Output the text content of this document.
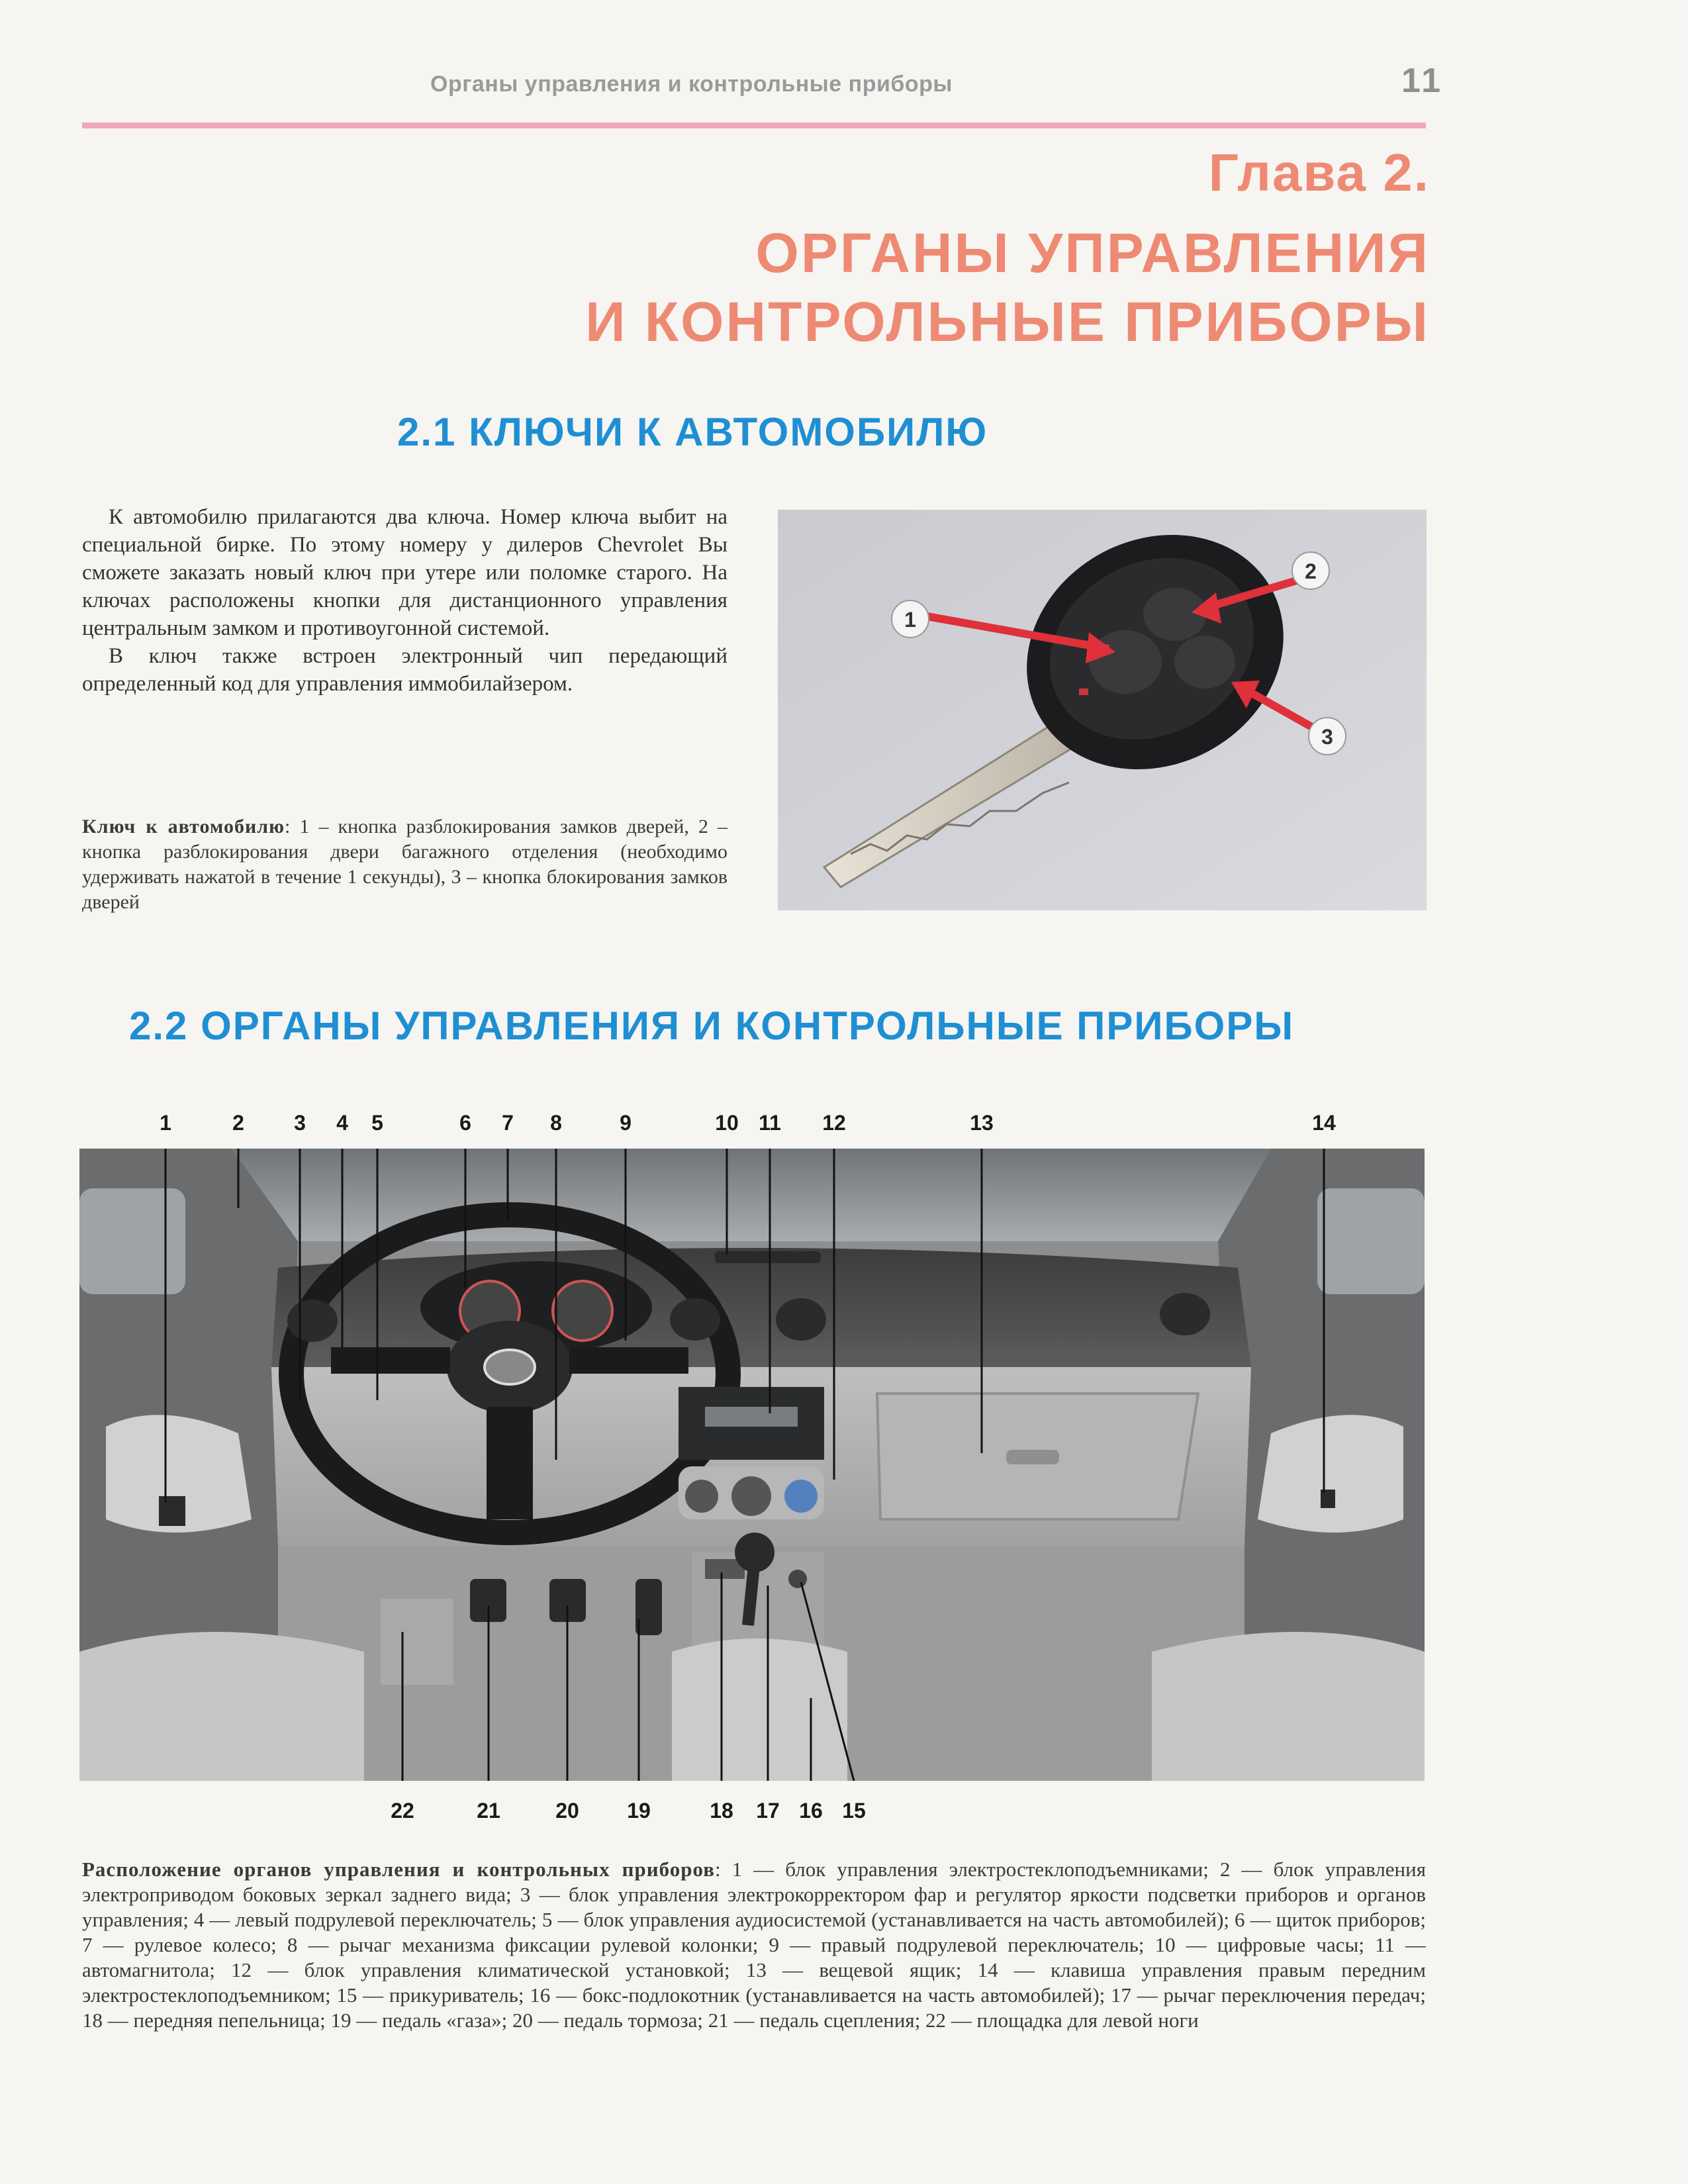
Органы управления и контрольные приборы	11
Глава 2.
ОРГАНЫ УПРАВЛЕНИЯ
И КОНТРОЛЬНЫЕ ПРИБОРЫ
2.1 КЛЮЧИ К АВТОМОБИЛЮ

К автомобилю прилагаются два ключа. Номер ключа выбит на специальной бирке. По этому номеру у дилеров Chevrolet Вы сможете заказать новый ключ при утере или поломке старого. На ключах расположены кнопки для дистанционного управления центральным замком и противоугонной системой.

В ключ также встроен электронный чип передающий определенный код для управления иммобилайзером.

Ключ к автомобилю: 1 – кнопка разблокирования замков дверей, 2 – кнопка разблокирования двери багажного отделения (необходимо удерживать нажатой в течение 1 секунды), 3 – кнопка блокирования замков дверей
1
2
3
2.2 ОРГАНЫ УПРАВЛЕНИЯ И КОНТРОЛЬНЫЕ ПРИБОРЫ
1	2	3	4	5	6	7	8	9	10 11	12	13	14
22	21	20	19	18	17 16 15
Расположение органов управления и контрольных приборов: 1 — блок управления электростеклоподъемниками; 2 — блок управления электроприводом боковых зеркал заднего вида; 3 — блок управления электрокорректором фар и регулятор яркости подсветки приборов и органов управления; 4 — левый подрулевой переключатель; 5 — блок управления аудиосистемой (устанавливается на часть автомобилей); 6 — щиток приборов; 7 — рулевое колесо; 8 — рычаг механизма фиксации рулевой колонки; 9 — правый подрулевой переключатель; 10 — цифровые часы; 11 — автомагнитола; 12 — блок управления климатической установкой; 13 — вещевой ящик; 14 — клавиша управления правым передним электростеклоподъемником; 15 — прикуриватель; 16 — бокс-подлокотник (устанавливается на часть автомобилей); 17 — рычаг переключения передач; 18 — передняя пепельница; 19 — педаль «газа»; 20 — педаль тормоза; 21 — педаль сцепления; 22 — площадка для левой ноги
